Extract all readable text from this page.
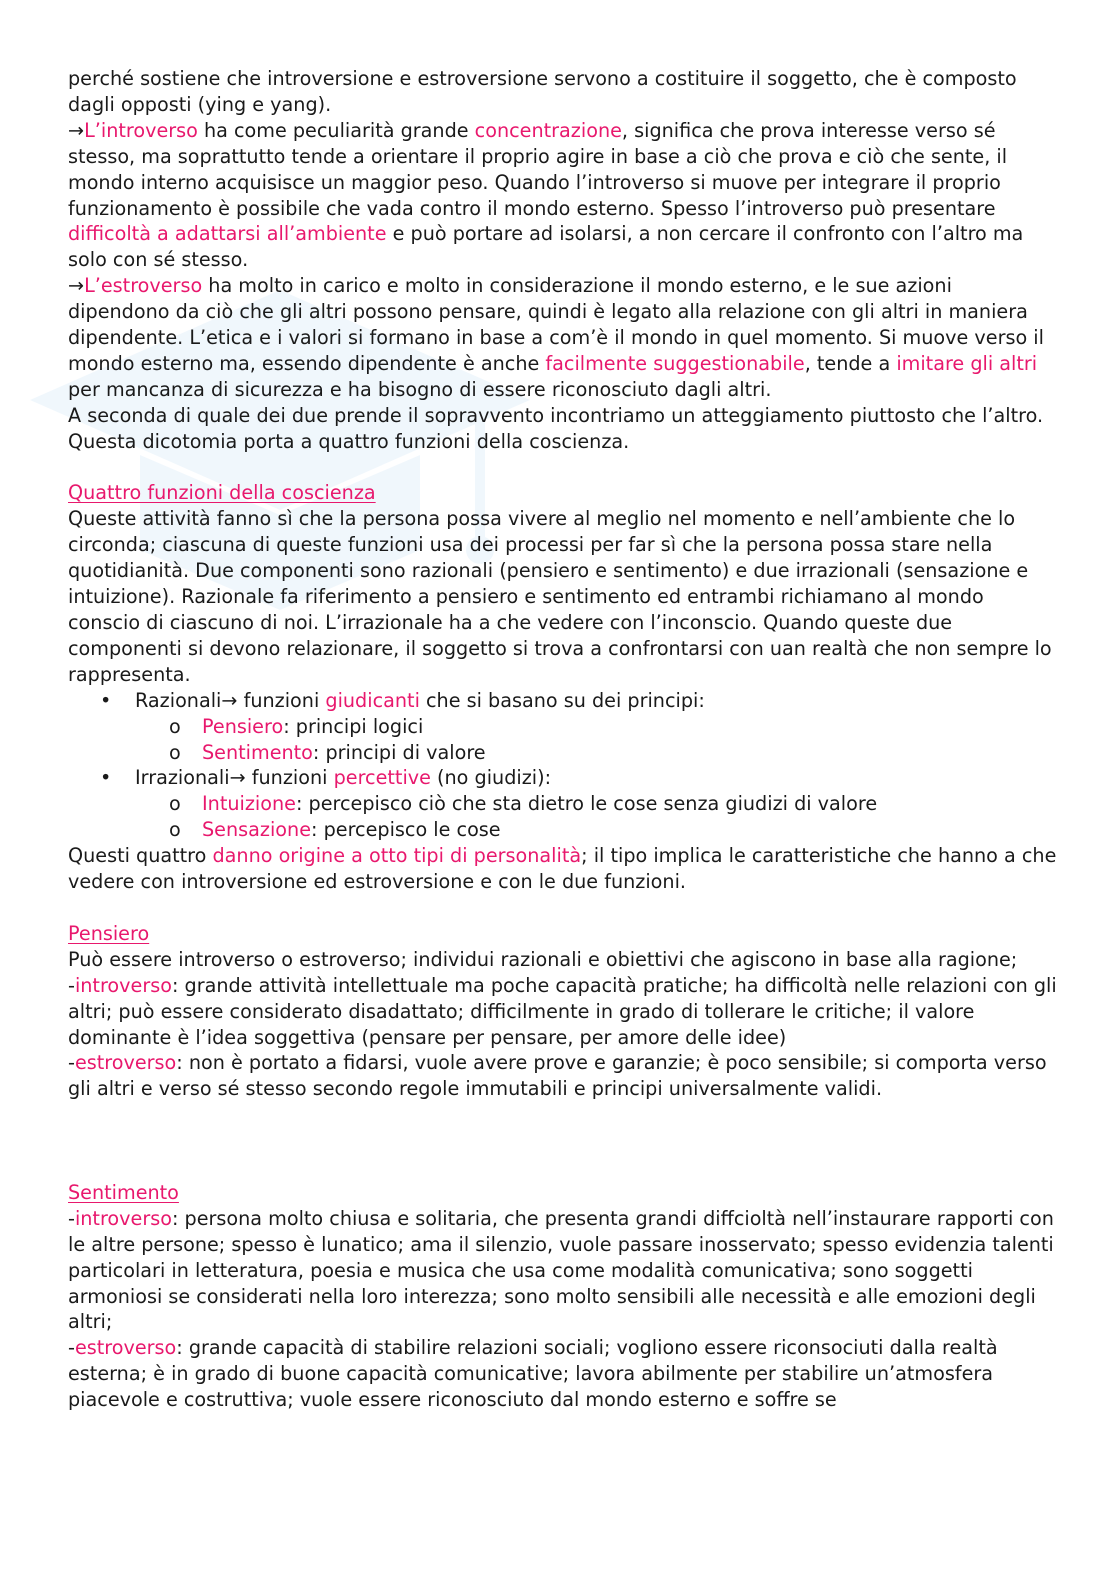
perché sostiene che introversione e estroversione servono a costituire il soggetto, che è composto dagli opposti (ying e yang).
→L’introverso ha come peculiarità grande concentrazione, significa che prova interesse verso sé stesso, ma soprattutto tende a orientare il proprio agire in base a ciò che prova e ciò che sente, il mondo interno acquisisce un maggior peso. Quando l’introverso si muove per integrare il proprio funzionamento è possibile che vada contro il mondo esterno. Spesso l’introverso può presentare difficoltà a adattarsi all’ambiente e può portare ad isolarsi, a non cercare il confronto con l’altro ma solo con sé stesso.
→L’estroverso ha molto in carico e molto in considerazione il mondo esterno, e le sue azioni dipendono da ciò che gli altri possono pensare, quindi è legato alla relazione con gli altri in maniera dipendente. L’etica e i valori si formano in base a com’è il mondo in quel momento. Si muove verso il mondo esterno ma, essendo dipendente è anche facilmente suggestionabile, tende a imitare gli altri per mancanza di sicurezza e ha bisogno di essere riconosciuto dagli altri.
A seconda di quale dei due prende il sopravvento incontriamo un atteggiamento piuttosto che l’altro. Questa dicotomia porta a quattro funzioni della coscienza.

Quattro funzioni della coscienza

Queste attività fanno sì che la persona possa vivere al meglio nel momento e nell’ambiente che lo circonda; ciascuna di queste funzioni usa dei processi per far sì che la persona possa stare nella quotidianità. Due componenti sono razionali (pensiero e sentimento) e due irrazionali (sensazione e intuizione). Razionale fa riferimento a pensiero e sentimento ed entrambi richiamano al mondo conscio di ciascuno di noi. L’irrazionale ha a che vedere con l’inconscio. Quando queste due componenti si devono relazionare, il soggetto si trova a confrontarsi con uan realtà che non sempre lo rappresenta.

• Razionali→ funzioni giudicanti che si basano su dei principi:
o Pensiero: principi logici
o Sentimento: principi di valore
• Irrazionali→ funzioni percettive (no giudizi):
o Intuizione: percepisco ciò che sta dietro le cose senza giudizi di valore
o Sensazione: percepisco le cose

Questi quattro danno origine a otto tipi di personalità; il tipo implica le caratteristiche che hanno a che vedere con introversione ed estroversione e con le due funzioni.

Pensiero

Può essere introverso o estroverso; individui razionali e obiettivi che agiscono in base alla ragione;

-introverso: grande attività intellettuale ma poche capacità pratiche; ha difficoltà nelle relazioni con gli altri; può essere considerato disadattato; difficilmente in grado di tollerare le critiche; il valore dominante è l’idea soggettiva (pensare per pensare, per amore delle idee)

-estroverso: non è portato a fidarsi, vuole avere prove e garanzie; è poco sensibile; si comporta verso gli altri e verso sé stesso secondo regole immutabili e principi universalmente validi.

Sentimento

-introverso: persona molto chiusa e solitaria, che presenta grandi diffcioltà nell’instaurare rapporti con le altre persone; spesso è lunatico; ama il silenzio, vuole passare inosservato; spesso evidenzia talenti particolari in letteratura, poesia e musica che usa come modalità comunicativa; sono soggetti armoniosi se considerati nella loro interezza; sono molto sensibili alle necessità e alle emozioni degli altri;

-estroverso: grande capacità di stabilire relazioni sociali; vogliono essere riconsociuti dalla realtà esterna; è in grado di buone capacità comunicative; lavora abilmente per stabilire un’atmosfera piacevole e costruttiva; vuole essere riconosciuto dal mondo esterno e soffre se
